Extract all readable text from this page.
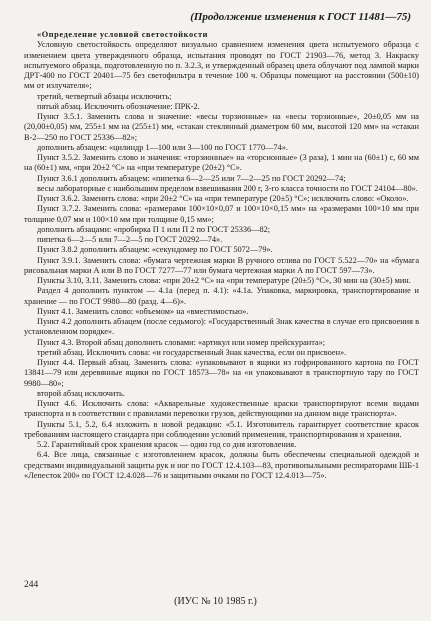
(Продолжение изменения к ГОСТ 11481—75)

«Определение условной светостойкости

Условную светостойкость определяют визуально сравнением изменения цвета испытуемого образца с изменением цвета утвержденного образца, испытания проводят по ГОСТ 21903—76, метод 3. Накраску испытуемого образца, подготовленную по п. 3.2.3, и утвержденный образец цвета облучают под лампой марки ДРТ-400 по ГОСТ 20401—75 без светофильтра в течение 100 ч. Образцы помещают на расстоянии (500±10) мм от излучателя»;

третий, четвертый абзацы исключить;

пятый абзац. Исключить обозначение: ПРК-2.

Пункт 3.5.1. Заменить слова и значение: «весы торзионные» на «весы торзионные», 20±0,05 мм на (20,00±0,05) мм, 255±1 мм на (255±1) мм, «стакан стеклянный диаметром 60 мм, высотой 120 мм» на «стакан В-2—250 по ГОСТ 25336—82»;

дополнить абзацем: «цилиндр 1—100 или 3—100 по ГОСТ 1770—74».

Пункт 3.5.2. Заменить слово и значения: «торзионные» на «торсионные» (3 раза), 1 мин на (60±1) с, 60 мм на (60±1) мм, «при 20±2 °С» на «при температуре (20±2) °С».

Пункт 3.6.1 дополнить абзацем: «пипетка 6—2—25 или 7—2—25 по ГОСТ 20292—74;

весы лабораторные с наибольшим пределом взвешивания 200 г, 3-го класса точности по ГОСТ 24104—80».

Пункт 3.6.2. Заменить слова: «при 20±2 °С» на «при температуре (20±5) °С»; исключить слово: «Около».

Пункт 3.7.2. Заменить слова: «размерами 100×10×0,07 и 100×10×0,15 мм» на «размерами 100×10 мм при толщине 0,07 мм и 100×10 мм при толщине 0,15 мм»;

дополнить абзацами: «пробирка П 1 или П 2 по ГОСТ 25336—82;

пипетка 6—2—5 или 7—2—5 по ГОСТ 20292—74».

Пункт 3.8.2 дополнить абзацем: «секундомер по ГОСТ 5072—79».

Пункт 3.9.1. Заменить слова: «бумага чертежная марки В ручного отлива по ГОСТ 5.522—70» на «бумага рисовальная марки А или В по ГОСТ 7277—77 или бумага чертежная марки А по ГОСТ 597—73».

Пункты 3.10, 3.11. Заменить слова: «при 20±2 °С» на «при температуре (20±5) °С», 30 мин на (30±5) мин.

Раздел 4 дополнить пунктом — 4.1а (перед п. 4.1): «4.1а. Упаковка, маркировка, транспортирование и хранение — по ГОСТ 9980—80 (разд. 4—6)».

Пункт 4.1. Заменить слово: «объемом» на «вместимостью».

Пункт 4.2 дополнить абзацем (после седьмого): «Государственный Знак качества в случае его присвоения в установленном порядке».

Пункт 4.3. Второй абзац дополнить словами: «артикул или номер прейскуранта»;

третий абзац. Исключить слова: «и государственный Знак качества, если он присвоен».

Пункт 4.4. Первый абзац. Заменить слова: «упаковывают в ящики из гофрированного картона по ГОСТ 13841—79 или деревянные ящики по ГОСТ 18573—78» на «и упаковывают в транспортную тару по ГОСТ 9980—80»;

второй абзац исключить.

Пункт 4.6. Исключить слова: «Акварельные художественные краски транспортируют всеми видами транспорта и в соответствии с правилами перевозки грузов, действующими на данном виде транспорта».

Пункты 5.1, 5.2, 6.4 изложить в новой редакции: «5.1. Изготовитель гарантирует соответствие красок требованиям настоящего стандарта при соблюдении условий применения, транспортирования и хранения.

5.2. Гарантийный срок хранения красок — один год со дня изготовления.

6.4. Все лица, связанные с изготовлением красок, должны быть обеспечены специальной одеждой и средствами индивидуальной защиты рук и ног по ГОСТ 12.4.103—83, противопыльными респираторами ШБ-1 «Лепесток 200» по ГОСТ 12.4.028—76 и защитными очками по ГОСТ 12.4.013—75».

244
(ИУС № 10 1985 г.)
